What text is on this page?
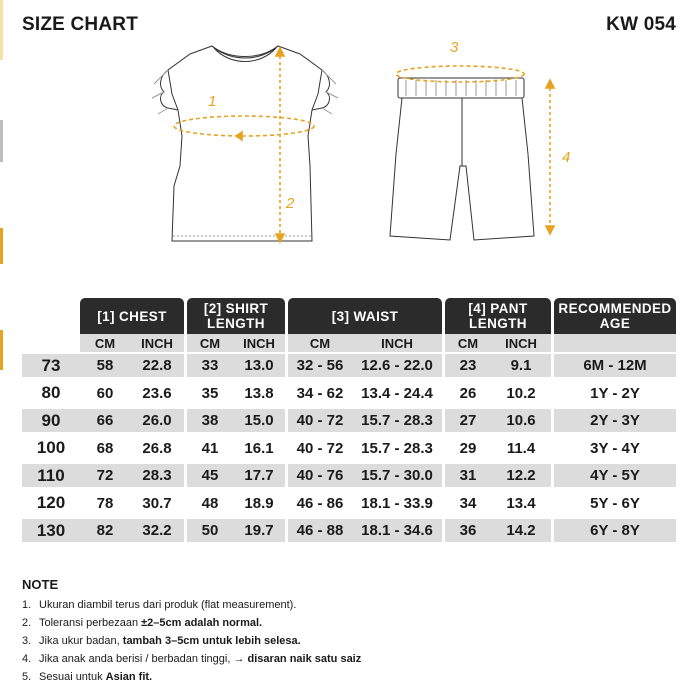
SIZE CHART	KW 054
1
2
3
4
[1] CHEST	[2] SHIRT LENGTH	[3] WAIST	[4] PANT LENGTH
RECOMMENDED AGE
CM	INCH	CM	INCH	CM	INCH	CM	INCH
73	58	22.8	33	13.0	32 - 56	12.6 - 22.0	23	9.1	6M - 12M
80	60	23.6	35	13.8	34 - 62	13.4 - 24.4	26	10.2	1Y - 2Y
90	66	26.0	38	15.0	40 - 72	15.7 - 28.3	27	10.6	2Y - 3Y
100	68	26.8	41	16.1	40 - 72	15.7 - 28.3	29	11.4	3Y - 4Y
110	72	28.3	45	17.7	40 - 76	15.7 - 30.0	31	12.2	4Y - 5Y
120	78	30.7	48	18.9	46 - 86	18.1 - 33.9	34	13.4	5Y - 6Y
130	82	32.2	50	19.7	46 - 88	18.1 - 34.6	36	14.2	6Y - 8Y
NOTE
1. Ukuran diambil terus dari produk (flat measurement).
2. Toleransi perbezaan ±2–5cm adalah normal.
3. Jika ukur badan, tambah 3–5cm untuk lebih selesa.
4. Jika anak anda berisi / berbadan tinggi, → disaran naik satu saiz
5. Sesuai untuk Asian fit.
